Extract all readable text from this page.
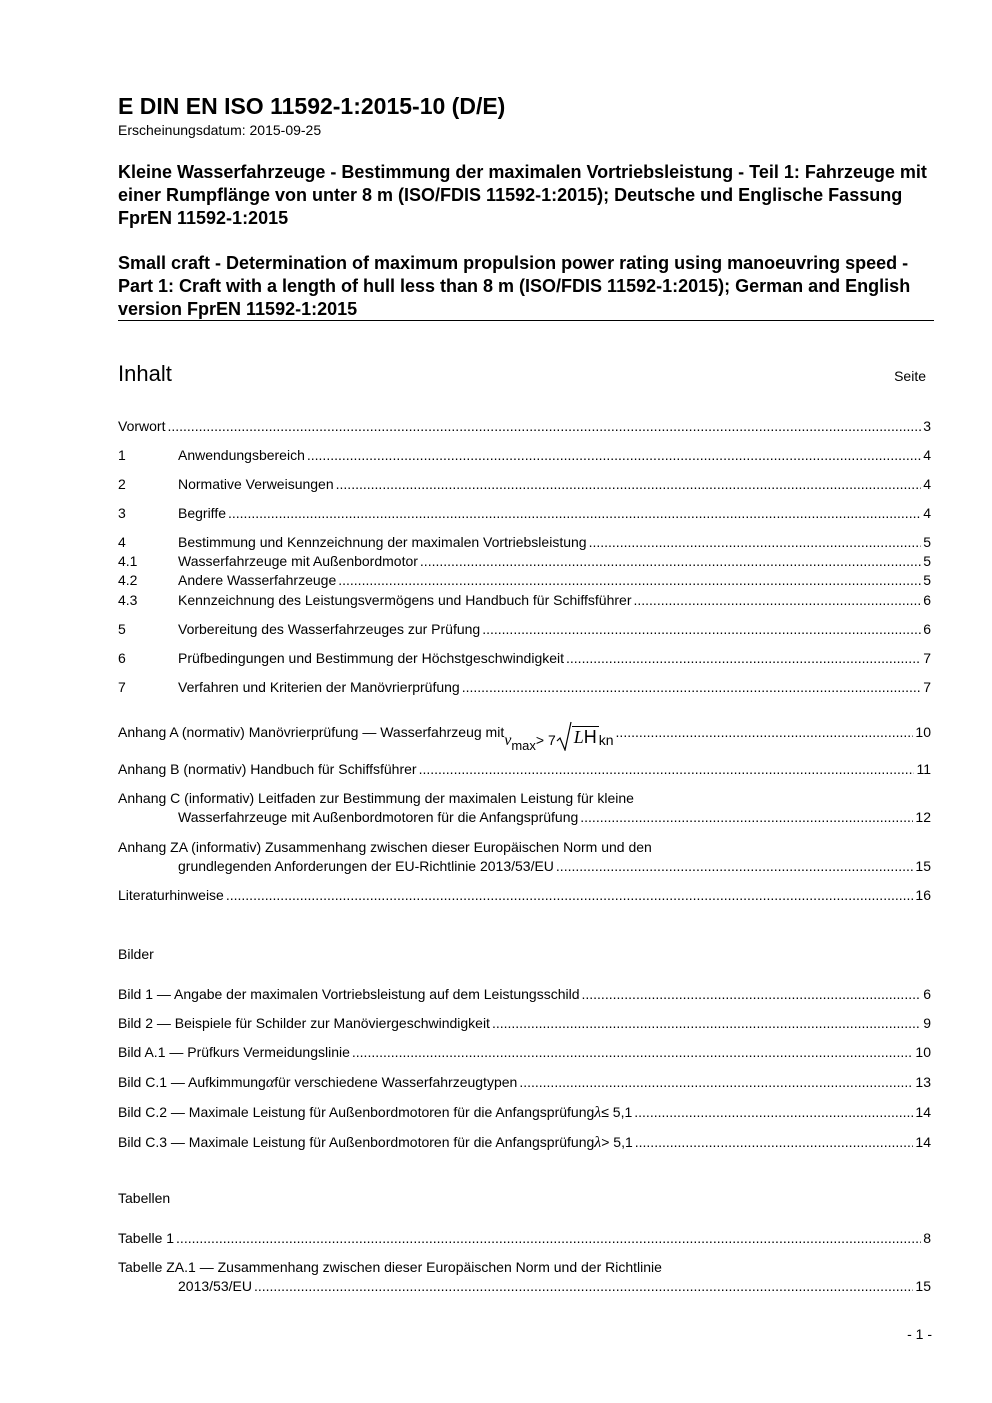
E DIN EN ISO 11592-1:2015-10 (D/E)
Erscheinungsdatum: 2015-09-25
Kleine Wasserfahrzeuge - Bestimmung der maximalen Vortriebsleistung - Teil 1: Fahrzeuge mit einer Rumpflänge von unter 8 m (ISO/FDIS 11592-1:2015); Deutsche und Englische Fassung FprEN 11592-1:2015
Small craft - Determination of maximum propulsion power rating using manoeuvring speed - Part 1: Craft with a length of hull less than 8 m (ISO/FDIS 11592-1:2015); German and English version FprEN 11592-1:2015
Inhalt	Seite
Vorwort .....	3
1	Anwendungsbereich .....	4
2	Normative Verweisungen .....	4
3	Begriffe .....	4
4	Bestimmung und Kennzeichnung der maximalen Vortriebsleistung .....	5
4.1	Wasserfahrzeuge mit Außenbordmotor .....	5
4.2	Andere Wasserfahrzeuge .....	5
4.3	Kennzeichnung des Leistungsvermögens und Handbuch für Schiffsführer .....	6
5	Vorbereitung des Wasserfahrzeuges zur Prüfung .....	6
6	Prüfbedingungen und Bestimmung der Höchstgeschwindigkeit .....	7
7	Verfahren und Kriterien der Manövrierprüfung .....	7
Anhang A (normativ) Manövrierprüfung — Wasserfahrzeug mit v max > 7 LH kn .....	10
Anhang B (normativ) Handbuch für Schiffsführer .....	11
Anhang C (informativ) Leitfaden zur Bestimmung der maximalen Leistung für kleine
Wasserfahrzeuge mit Außenbordmotoren für die Anfangsprüfung .....	12
Anhang ZA (informativ) Zusammenhang zwischen dieser Europäischen Norm und den
grundlegenden Anforderungen der EU-Richtlinie 2013/53/EU .....	15
Literaturhinweise .....	16
Bilder
Bild 1 — Angabe der maximalen Vortriebsleistung auf dem Leistungsschild .....	6
Bild 2 — Beispiele für Schilder zur Manöviergeschwindigkeit .....	9
Bild A.1 — Prüfkurs Vermeidungslinie .....	10
Bild C.1 — Aufkimmung α für verschiedene Wasserfahrzeugtypen .....	13
Bild C.2 — Maximale Leistung für Außenbordmotoren für die Anfangsprüfung λ ≤ 5,1 .....	14
Bild C.3 — Maximale Leistung für Außenbordmotoren für die Anfangsprüfung λ > 5,1 .....	14
Tabellen
Tabelle 1 .....	8
Tabelle ZA.1 — Zusammenhang zwischen dieser Europäischen Norm und der Richtlinie
2013/53/EU .....	15
- 1 -
